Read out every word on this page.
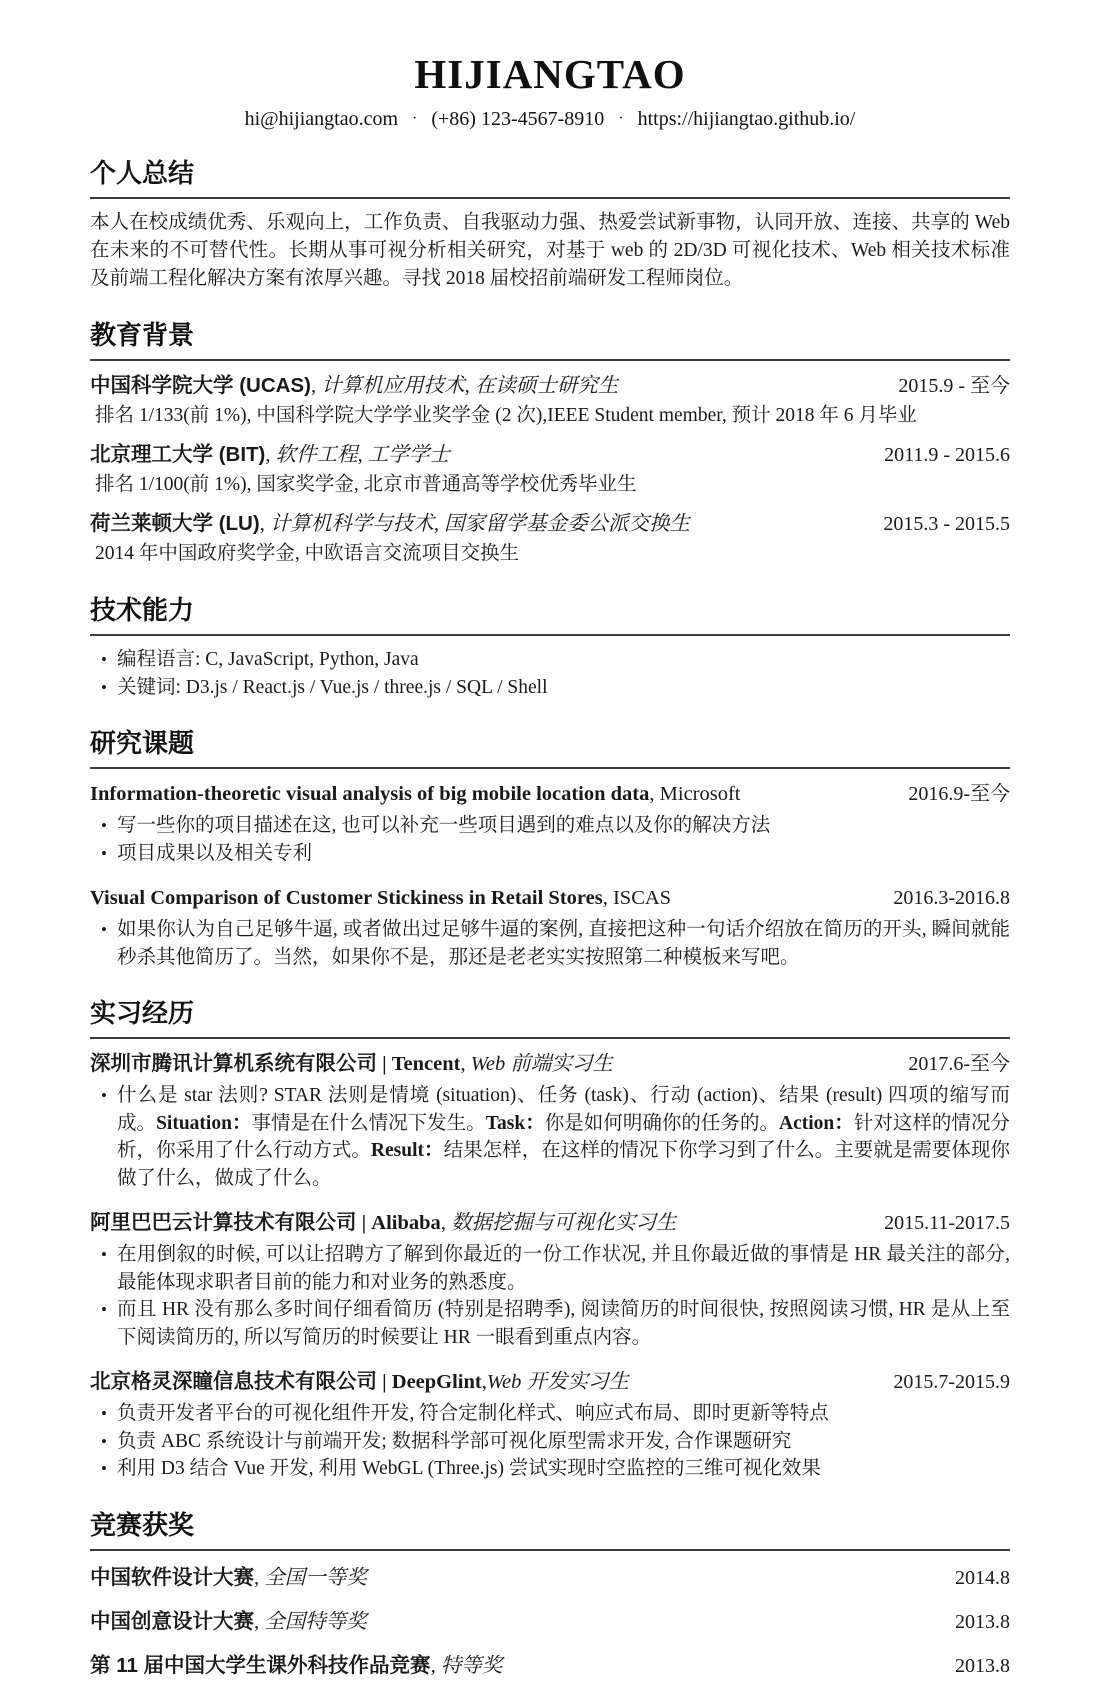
HIJIANGTAO
hi@hijiangtao.com · (+86) 123-4567-8910 · https://hijiangtao.github.io/
个人总结

本人在校成绩优秀、乐观向上，工作负责、自我驱动力强、热爱尝试新事物，认同开放、连接、共享的 Web 在未来的不可替代性。长期从事可视分析相关研究，对基于 web 的 2D/3D 可视化技术、Web 相关技术标准及前端工程化解决方案有浓厚兴趣。寻找 2018 届校招前端研发工程师岗位。

教育背景
中国科学院大学 (UCAS), 计算机应用技术, 在读硕士研究生	2015.9 - 至今
排名 1/133(前 1%), 中国科学院大学学业奖学金 (2 次),IEEE Student member, 预计 2018 年 6 月毕业
北京理工大学 (BIT), 软件工程, 工学学士	2011.9 - 2015.6
排名 1/100(前 1%), 国家奖学金, 北京市普通高等学校优秀毕业生
荷兰莱顿大学 (LU), 计算机科学与技术, 国家留学基金委公派交换生	2015.3 - 2015.5
2014 年中国政府奖学金, 中欧语言交流项目交换生
技术能力
• 编程语言: C, JavaScript, Python, Java
• 关键词: D3.js / React.js / Vue.js / three.js / SQL / Shell
研究课题
Information-theoretic visual analysis of big mobile location data, Microsoft	2016.9-至今
• 写一些你的项目描述在这, 也可以补充一些项目遇到的难点以及你的解决方法
• 项目成果以及相关专利
Visual Comparison of Customer Stickiness in Retail Stores, ISCAS	2016.3-2016.8
• 如果你认为自己足够牛逼, 或者做出过足够牛逼的案例, 直接把这种一句话介绍放在简历的开头, 瞬间就能秒杀其他简历了。当然，如果你不是，那还是老老实实按照第二种模板来写吧。
实习经历
深圳市腾讯计算机系统有限公司 | Tencent, Web 前端实习生	2017.6-至今
• 什么是 star 法则? STAR 法则是情境 (situation)、任务 (task)、行动 (action)、结果 (result) 四项的缩写而成。Situation：事情是在什么情况下发生。Task：你是如何明确你的任务的。Action：针对这样的情况分析，你采用了什么行动方式。Result：结果怎样，在这样的情况下你学习到了什么。主要就是需要体现你做了什么，做成了什么。
阿里巴巴云计算技术有限公司 | Alibaba, 数据挖掘与可视化实习生	2015.11-2017.5
• 在用倒叙的时候, 可以让招聘方了解到你最近的一份工作状况, 并且你最近做的事情是 HR 最关注的部分, 最能体现求职者目前的能力和对业务的熟悉度。
• 而且 HR 没有那么多时间仔细看简历 (特别是招聘季), 阅读简历的时间很快, 按照阅读习惯, HR 是从上至下阅读简历的, 所以写简历的时候要让 HR 一眼看到重点内容。
北京格灵深瞳信息技术有限公司 | DeepGlint,Web 开发实习生	2015.7-2015.9
• 负责开发者平台的可视化组件开发, 符合定制化样式、响应式布局、即时更新等特点
• 负责 ABC 系统设计与前端开发; 数据科学部可视化原型需求开发, 合作课题研究
• 利用 D3 结合 Vue 开发, 利用 WebGL (Three.js) 尝试实现时空监控的三维可视化效果
竞赛获奖
中国软件设计大赛, 全国一等奖	2014.8
中国创意设计大赛, 全国特等奖	2013.8
第 11 届中国大学生课外科技作品竞赛, 特等奖	2013.8
